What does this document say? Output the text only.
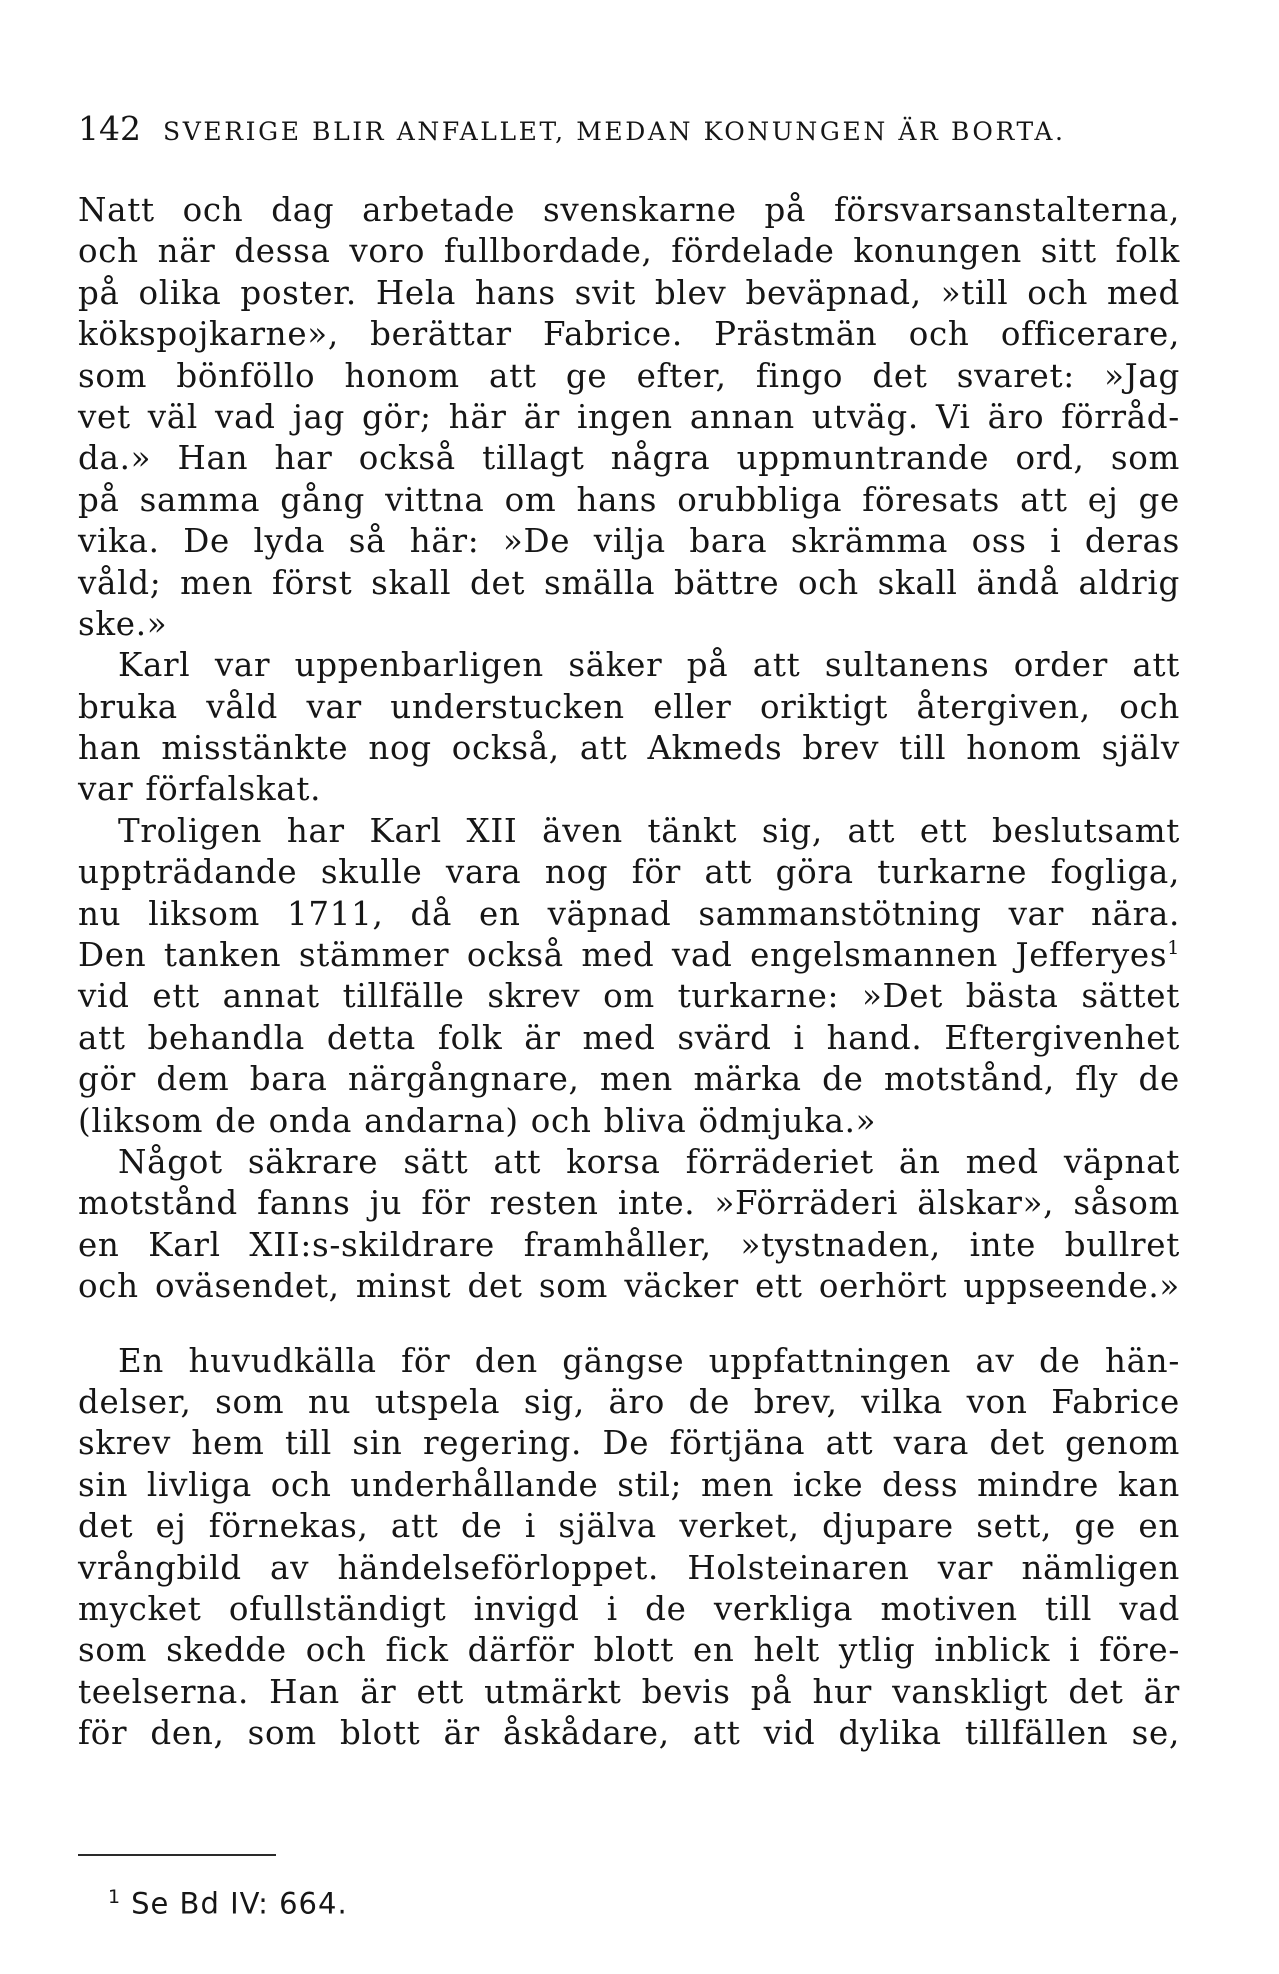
142 SVERIGE BLIR ANFALLET, MEDAN KONUNGEN ÄR BORTA.
Natt och dag arbetade svenskarne på försvarsanstalterna,
och när dessa voro fullbordade, fördelade konungen sitt folk
på olika poster. Hela hans svit blev beväpnad, »till och med
kökspojkarne», berättar Fabrice. Prästmän och officerare,
som bönföllo honom att ge efter, fingo det svaret: »Jag
vet väl vad jag gör; här är ingen annan utväg. Vi äro förråd-
da.» Han har också tillagt några uppmuntrande ord, som
på samma gång vittna om hans orubbliga föresats att ej ge
vika. De lyda så här: »De vilja bara skrämma oss i deras
våld; men först skall det smälla bättre och skall ändå aldrig
ske.»
Karl var uppenbarligen säker på att sultanens order att
bruka våld var understucken eller oriktigt återgiven, och
han misstänkte nog också, att Akmeds brev till honom själv
var förfalskat.
Troligen har Karl XII även tänkt sig, att ett beslutsamt
uppträdande skulle vara nog för att göra turkarne fogliga,
nu liksom 1711, då en väpnad sammanstötning var nära.
Den tanken stämmer också med vad engelsmannen Jefferyes$^1$
vid ett annat tillfälle skrev om turkarne: »Det bästa sättet
att behandla detta folk är med svärd i hand. Eftergivenhet
gör dem bara närgångnare, men märka de motstånd, fly de
(liksom de onda andarna) och bliva ödmjuka.»
Något säkrare sätt att korsa förräderiet än med väpnat
motstånd fanns ju för resten inte. »Förräderi älskar», såsom
en Karl XII:s-skildrare framhåller, »tystnaden, inte bullret
och oväsendet, minst det som väcker ett oerhört uppseende.»
En huvudkälla för den gängse uppfattningen av de hän-
delser, som nu utspela sig, äro de brev, vilka von Fabrice
skrev hem till sin regering. De förtjäna att vara det genom
sin livliga och underhållande stil; men icke dess mindre kan
det ej förnekas, att de i själva verket, djupare sett, ge en
vrångbild av händelseförloppet. Holsteinaren var nämligen
mycket ofullständigt invigd i de verkliga motiven till vad
som skedde och fick därför blott en helt ytlig inblick i före-
teelserna. Han är ett utmärkt bevis på hur vanskligt det är
för den, som blott är åskådare, att vid dylika tillfällen se,
$^1$ Se Bd IV: 664.
